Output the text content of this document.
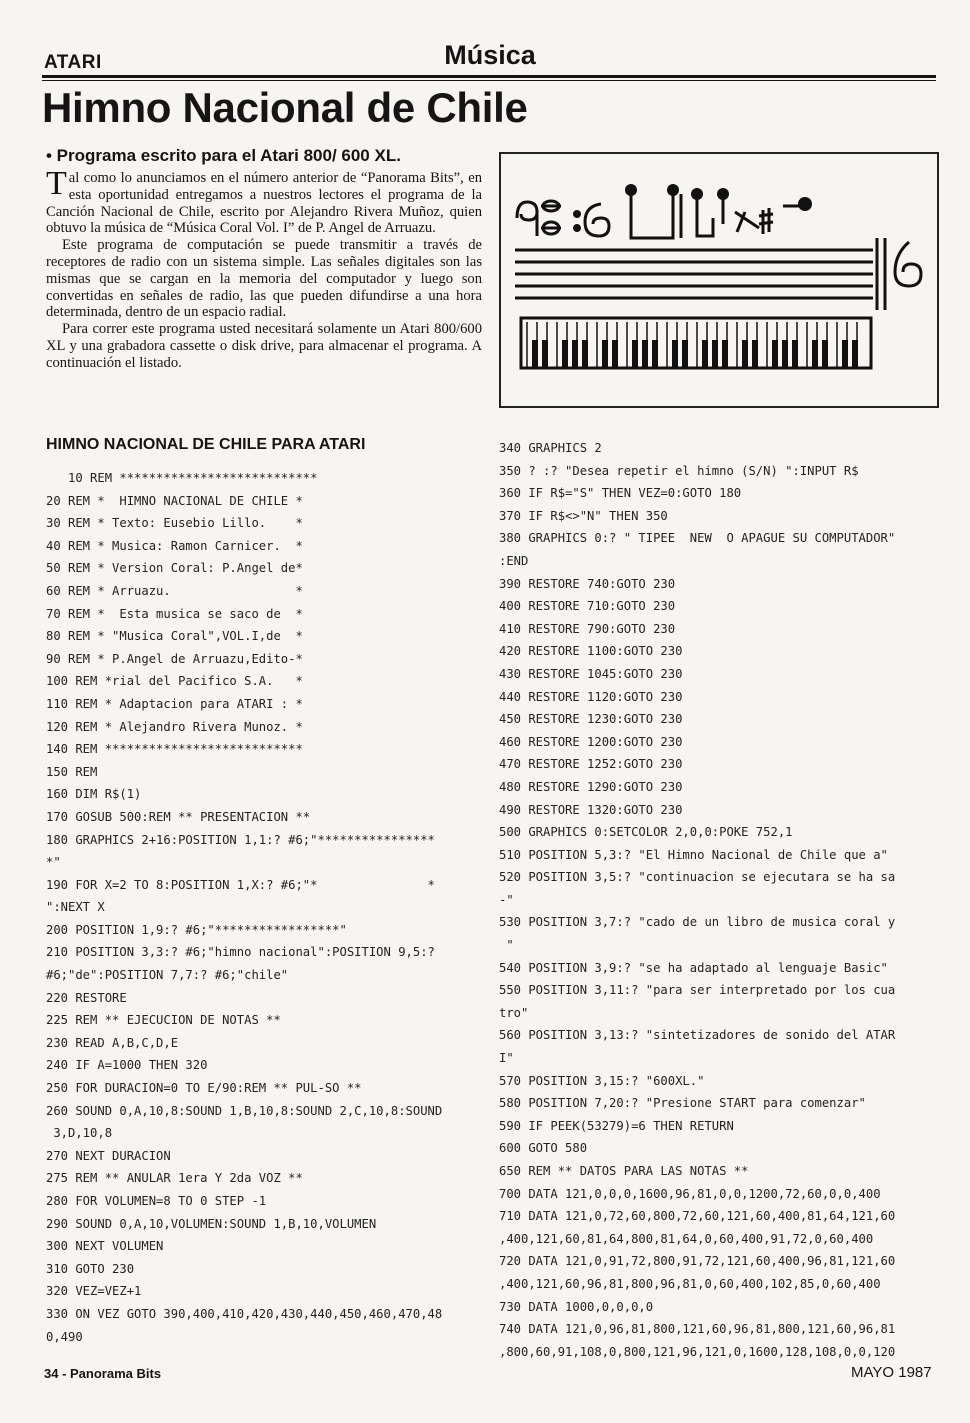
ATARI	Música
Himno Nacional de Chile
• Programa escrito para el Atari 800/ 600 XL.

Tal como lo anunciamos en el número anterior de “Panorama Bits”, en esta oportunidad entregamos a nuestros lectores el programa de la Canción Nacional de Chile, escrito por Alejandro Rivera Muñoz, quien obtuvo la música de “Música Coral Vol. I” de P. Angel de Arruazu.

Este programa de computación se puede transmitir a través de receptores de radio con un sistema simple. Las señales digitales son las mismas que se cargan en la memoria del computador y luego son convertidas en señales de radio, las que pueden difundirse a una hora determinada, dentro de un espacio radial.

Para correr este programa usted necesitará solamente un Atari 800/600 XL y una grabadora cassette o disk drive, para almacenar el programa. A continuación el listado.

HIMNO NACIONAL DE CHILE PARA ATARI
10 REM ***************************
20 REM *  HIMNO NACIONAL DE CHILE *
30 REM * Texto: Eusebio Lillo.    *
40 REM * Musica: Ramon Carnicer.  *
50 REM * Version Coral: P.Angel de*
60 REM * Arruazu.                 *
70 REM *  Esta musica se saco de  *
80 REM * "Musica Coral",VOL.I,de  *
90 REM * P.Angel de Arruazu,Edito-*
100 REM *rial del Pacifico S.A.   *
110 REM * Adaptacion para ATARI : *
120 REM * Alejandro Rivera Munoz. *
140 REM ***************************
150 REM
160 DIM R$(1)
170 GOSUB 500:REM ** PRESENTACION **
180 GRAPHICS 2+16:POSITION 1,1:? #6;"****************
*"
190 FOR X=2 TO 8:POSITION 1,X:? #6;"*               *
":NEXT X
200 POSITION 1,9:? #6;"*****************"
210 POSITION 3,3:? #6;"himno nacional":POSITION 9,5:?
#6;"de":POSITION 7,7:? #6;"chile"
220 RESTORE
225 REM ** EJECUCION DE NOTAS **
230 READ A,B,C,D,E
240 IF A=1000 THEN 320
250 FOR DURACION=0 TO E/90:REM ** PUL-SO **
260 SOUND 0,A,10,8:SOUND 1,B,10,8:SOUND 2,C,10,8:SOUND
3,D,10,8
270 NEXT DURACION
275 REM ** ANULAR 1era Y 2da VOZ **
280 FOR VOLUMEN=8 TO 0 STEP -1
290 SOUND 0,A,10,VOLUMEN:SOUND 1,B,10,VOLUMEN
300 NEXT VOLUMEN
310 GOTO 230
320 VEZ=VEZ+1
330 ON VEZ GOTO 390,400,410,420,430,440,450,460,470,48
0,490
340 GRAPHICS 2
350 ? :? "Desea repetir el himno (S/N) ":INPUT R$
360 IF R$="S" THEN VEZ=0:GOTO 180
370 IF R$<>"N" THEN 350
380 GRAPHICS 0:? " TIPEE  NEW  O APAGUE SU COMPUTADOR"
:END
390 RESTORE 740:GOTO 230
400 RESTORE 710:GOTO 230
410 RESTORE 790:GOTO 230
420 RESTORE 1100:GOTO 230
430 RESTORE 1045:GOTO 230
440 RESTORE 1120:GOTO 230
450 RESTORE 1230:GOTO 230
460 RESTORE 1200:GOTO 230
470 RESTORE 1252:GOTO 230
480 RESTORE 1290:GOTO 230
490 RESTORE 1320:GOTO 230
500 GRAPHICS 0:SETCOLOR 2,0,0:POKE 752,1
510 POSITION 5,3:? "El Himno Nacional de Chile que a"
520 POSITION 3,5:? "continuacion se ejecutara se ha sa
-"
530 POSITION 3,7:? "cado de un libro de musica coral y
"
540 POSITION 3,9:? "se ha adaptado al lenguaje Basic"
550 POSITION 3,11:? "para ser interpretado por los cua
tro"
560 POSITION 3,13:? "sintetizadores de sonido del ATAR
I"
570 POSITION 3,15:? "600XL."
580 POSITION 7,20:? "Presione START para comenzar"
590 IF PEEK(53279)=6 THEN RETURN
600 GOTO 580
650 REM ** DATOS PARA LAS NOTAS **
700 DATA 121,0,0,0,1600,96,81,0,0,1200,72,60,0,0,400
710 DATA 121,0,72,60,800,72,60,121,60,400,81,64,121,60
,400,121,60,81,64,800,81,64,0,60,400,91,72,0,60,400
720 DATA 121,0,91,72,800,91,72,121,60,400,96,81,121,60
,400,121,60,96,81,800,96,81,0,60,400,102,85,0,60,400
730 DATA 1000,0,0,0,0
740 DATA 121,0,96,81,800,121,60,96,81,800,121,60,96,81
,800,60,91,108,0,800,121,96,121,0,1600,128,108,0,0,120
34 - Panorama Bits	MAYO 1987
